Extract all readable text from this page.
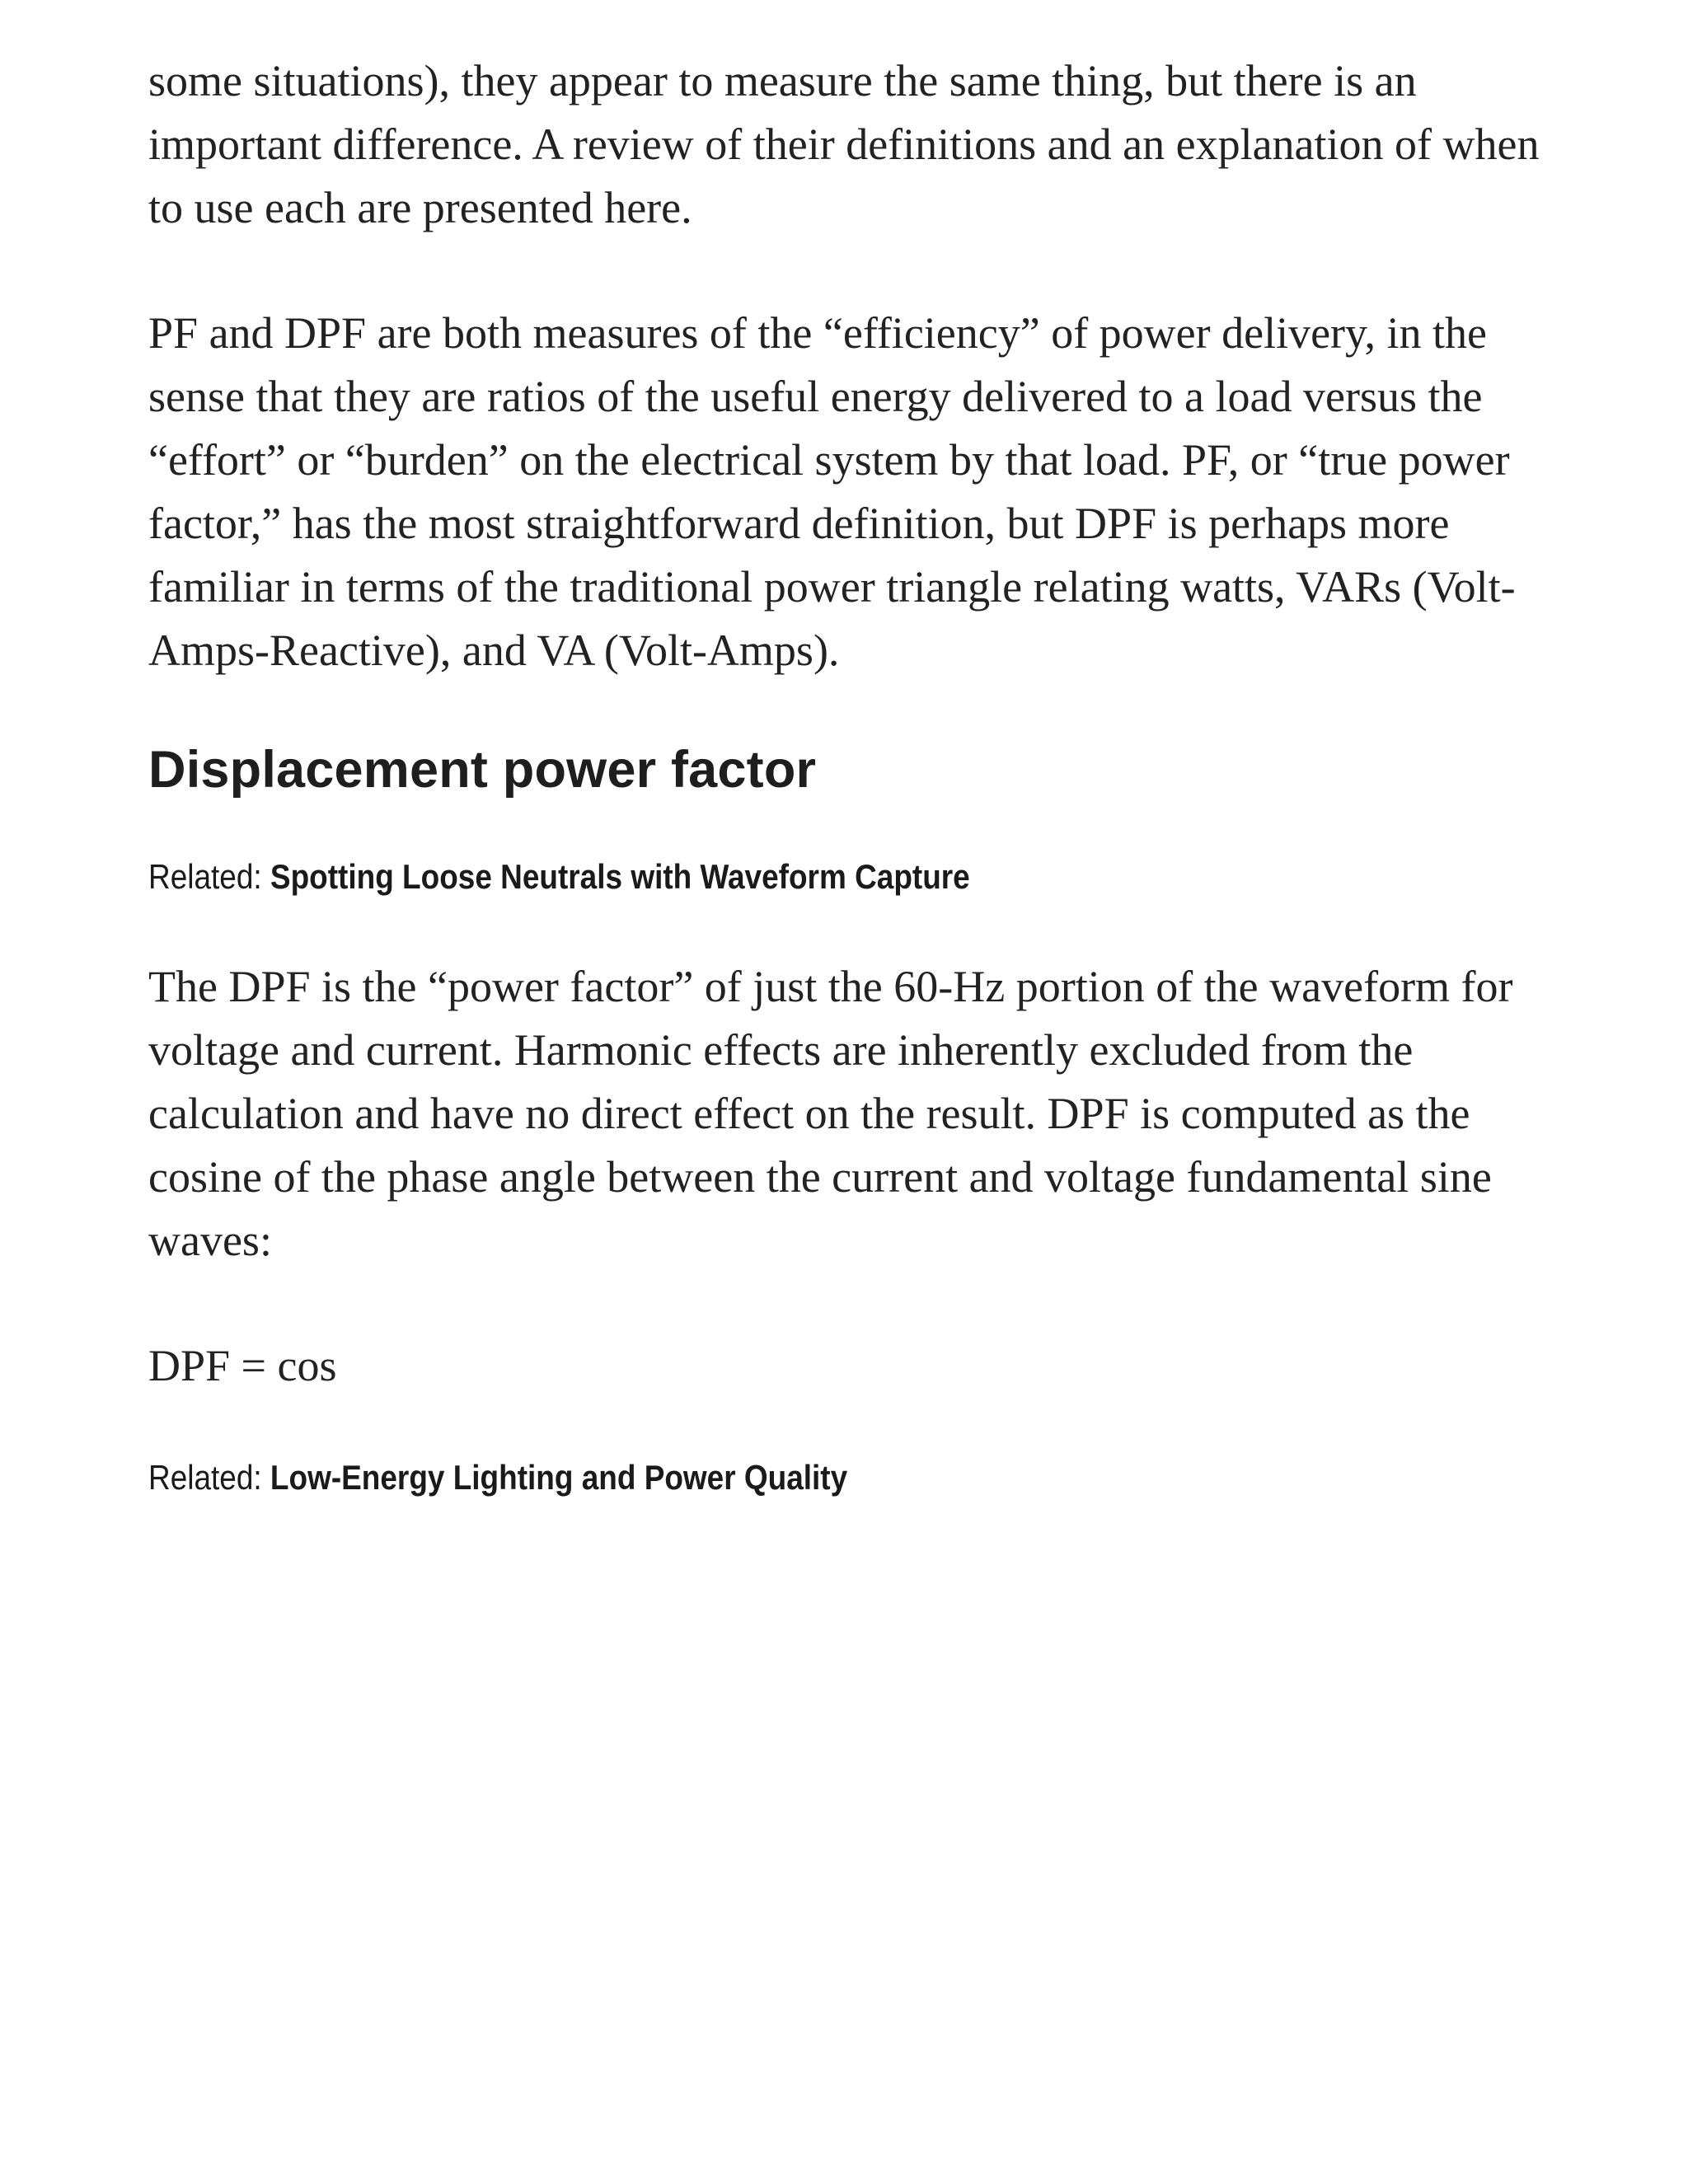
some situations), they appear to measure the same thing, but there is an important difference. A review of their definitions and an explanation of when to use each are presented here.

PF and DPF are both measures of the “efficiency” of power delivery, in the sense that they are ratios of the useful energy delivered to a load versus the “effort” or “burden” on the electrical system by that load. PF, or “true power factor,” has the most straightforward definition, but DPF is perhaps more familiar in terms of the traditional power triangle relating watts, VARs (Volt-Amps-Reactive), and VA (Volt-Amps).

Displacement power factor
Related: Spotting Loose Neutrals with Waveform Capture

The DPF is the “power factor” of just the 60-Hz portion of the waveform for voltage and current. Harmonic effects are inherently excluded from the calculation and have no direct effect on the result. DPF is computed as the cosine of the phase angle between the current and voltage fundamental sine waves:

DPF = cos

Related: Low-Energy Lighting and Power Quality
